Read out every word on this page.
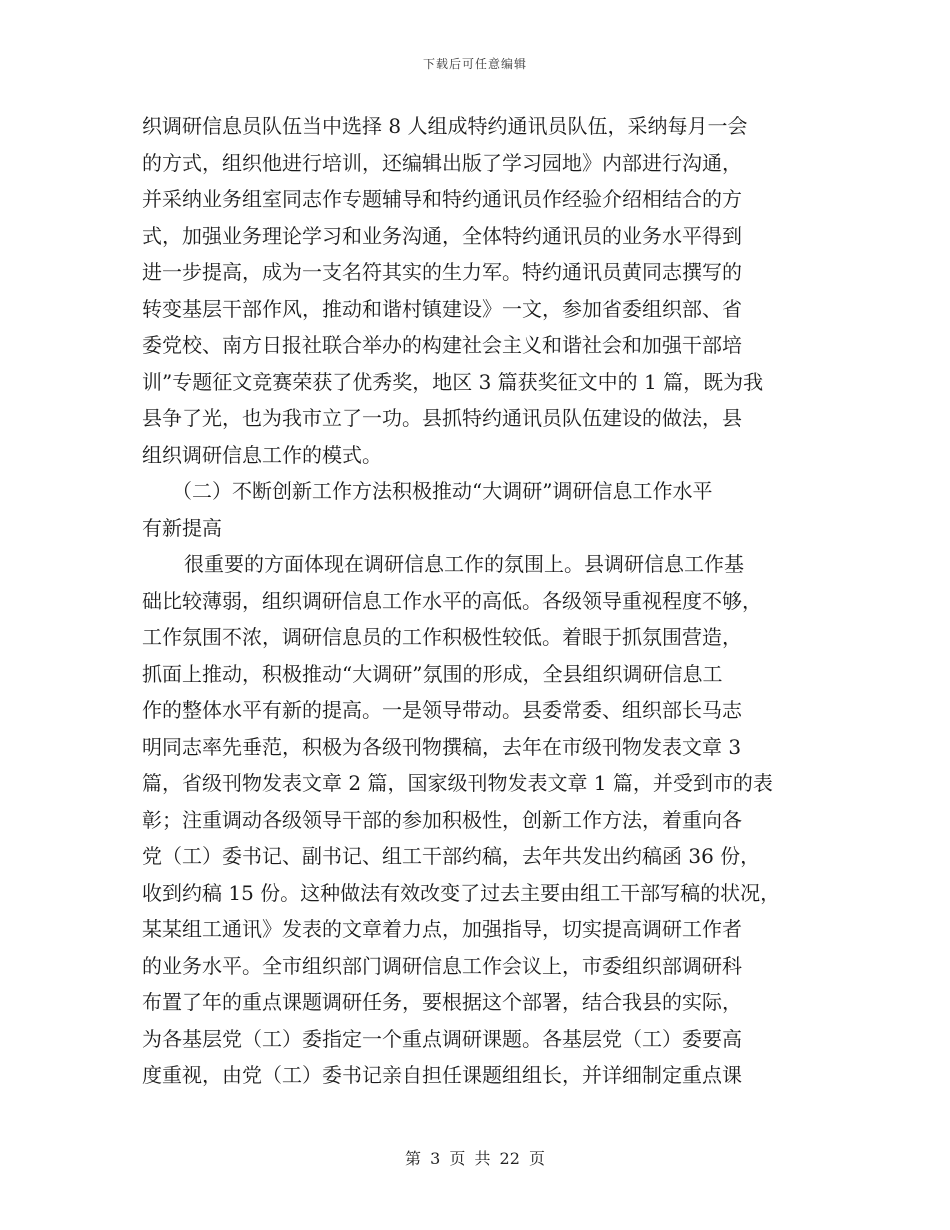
下载后可任意编辑
织调研信息员队伍当中选择 8 人组成特约通讯员队伍，采纳每月一会
的方式，组织他进行培训，还编辑出版了学习园地》内部进行沟通，
并采纳业务组室同志作专题辅导和特约通讯员作经验介绍相结合的方
式，加强业务理论学习和业务沟通，全体特约通讯员的业务水平得到
进一步提高，成为一支名符其实的生力军。特约通讯员黄同志撰写的
转变基层干部作风，推动和谐村镇建设》一文，参加省委组织部、省
委党校、南方日报社联合举办的构建社会主义和谐社会和加强干部培
训”专题征文竞赛荣获了优秀奖，地区 3 篇获奖征文中的 1 篇，既为我
县争了光，也为我市立了一功。县抓特约通讯员队伍建设的做法，县
组织调研信息工作的模式。
（二）不断创新工作方法积极推动“大调研”调研信息工作水平
有新提高
很重要的方面体现在调研信息工作的氛围上。县调研信息工作基
础比较薄弱，组织调研信息工作水平的高低。各级领导重视程度不够，
工作氛围不浓，调研信息员的工作积极性较低。着眼于抓氛围营造，
抓面上推动，积极推动“大调研”氛围的形成，全县组织调研信息工
作的整体水平有新的提高。一是领导带动。县委常委、组织部长马志
明同志率先垂范，积极为各级刊物撰稿，去年在市级刊物发表文章 3
篇，省级刊物发表文章 2 篇，国家级刊物发表文章 1 篇，并受到市的表
彰；注重调动各级领导干部的参加积极性，创新工作方法，着重向各
党（工）委书记、副书记、组工干部约稿，去年共发出约稿函 36 份，
收到约稿 15 份。这种做法有效改变了过去主要由组工干部写稿的状况，
某某组工通讯》发表的文章着力点，加强指导，切实提高调研工作者
的业务水平。全市组织部门调研信息工作会议上，市委组织部调研科
布置了年的重点课题调研任务，要根据这个部署，结合我县的实际，
为各基层党（工）委指定一个重点调研课题。各基层党（工）委要高
度重视，由党（工）委书记亲自担任课题组组长，并详细制定重点课
第 3 页 共 22 页
